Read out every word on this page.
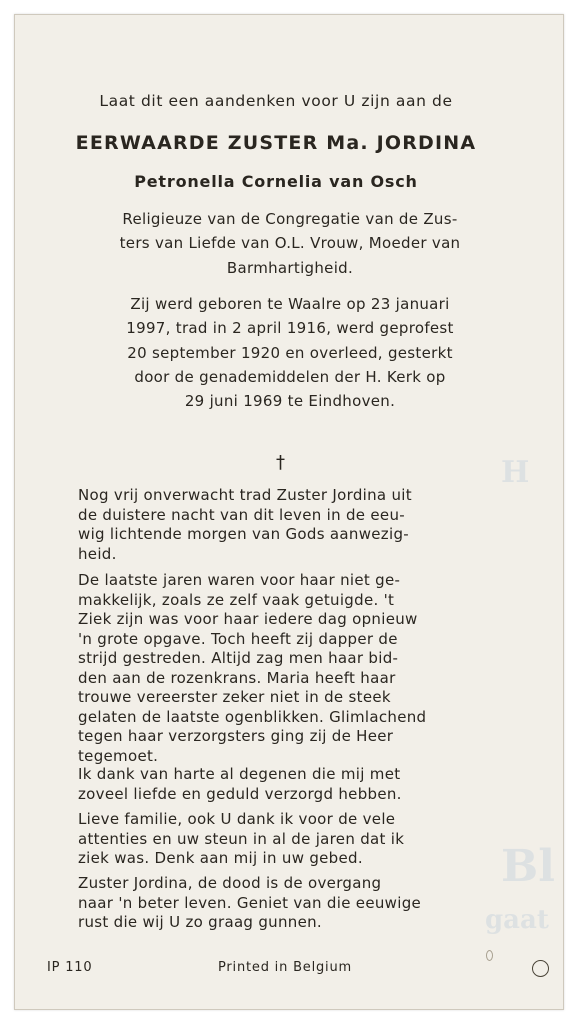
Bl
gaat
H

Laat dit een aandenken voor U zijn aan de

EERWAARDE ZUSTER Ma. JORDINA

Petronella Cornelia van Osch

Religieuze van de Congregatie van de Zus-
ters van Liefde van O.L. Vrouw, Moeder van
Barmhartigheid.

Zij werd geboren te Waalre op 23 januari
1997, trad in 2 april 1916, werd geprofest
20 september 1920 en overleed, gesterkt
door de genademiddelen der H. Kerk op
29 juni 1969 te Eindhoven.

†

Nog vrij onverwacht trad Zuster Jordina uit
de duistere nacht van dit leven in de eeu-
wig lichtende morgen van Gods aanwezig-
heid.

De laatste jaren waren voor haar niet ge-
makkelijk, zoals ze zelf vaak getuigde. 't
Ziek zijn was voor haar iedere dag opnieuw
'n grote opgave. Toch heeft zij dapper de
strijd gestreden. Altijd zag men haar bid-
den aan de rozenkrans. Maria heeft haar
trouwe vereerster zeker niet in de steek
gelaten de laatste ogenblikken. Glimlachend
tegen haar verzorgsters ging zij de Heer
tegemoet.

Ik dank van harte al degenen die mij met
zoveel liefde en geduld verzorgd hebben.

Lieve familie, ook U dank ik voor de vele
attenties en uw steun in al de jaren dat ik
ziek was. Denk aan mij in uw gebed.

Zuster Jordina, de dood is de overgang
naar 'n beter leven. Geniet van die eeuwige
rust die wij U zo graag gunnen.

IP 110	Printed in Belgium
